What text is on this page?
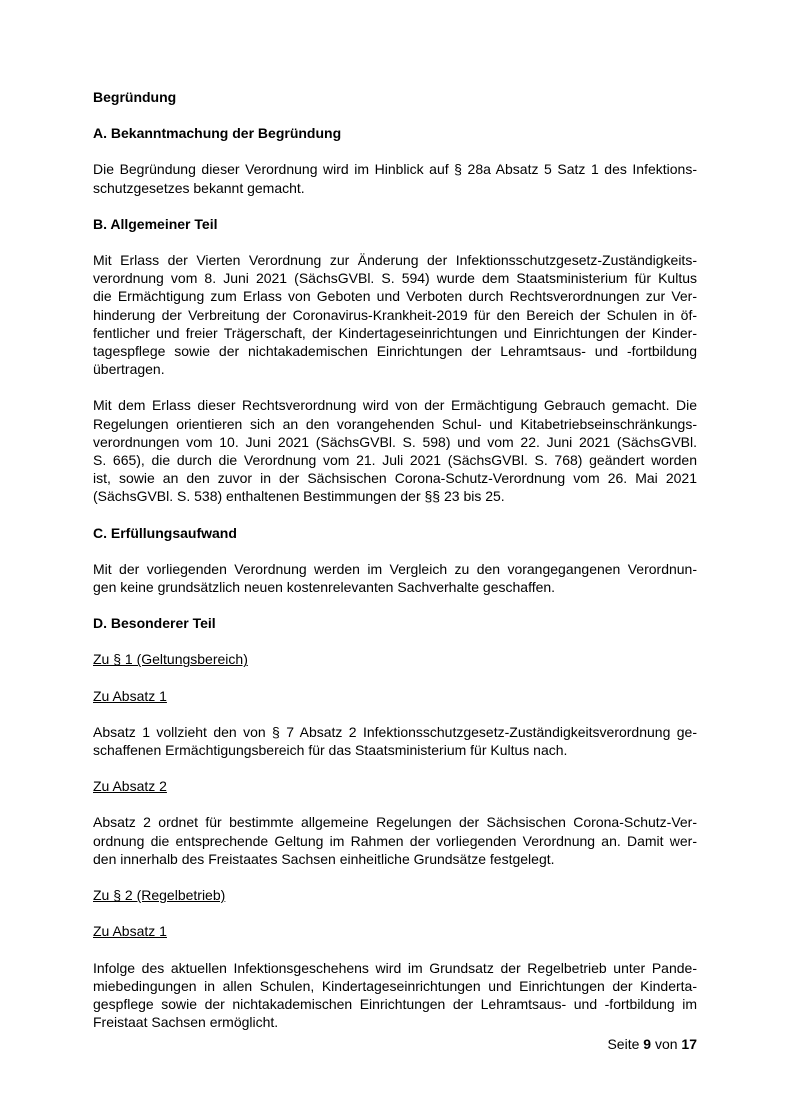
Begründung

A. Bekanntmachung der Begründung

Die Begründung dieser Verordnung wird im Hinblick auf § 28a Absatz 5 Satz 1 des Infektions-
schutzgesetzes bekannt gemacht.

B. Allgemeiner Teil

Mit Erlass der Vierten Verordnung zur Änderung der Infektionsschutzgesetz-Zuständigkeits-
verordnung vom 8. Juni 2021 (SächsGVBl. S. 594) wurde dem Staatsministerium für Kultus
die Ermächtigung zum Erlass von Geboten und Verboten durch Rechtsverordnungen zur Ver-
hinderung der Verbreitung der Coronavirus-Krankheit-2019 für den Bereich der Schulen in öf-
fentlicher und freier Trägerschaft, der Kindertageseinrichtungen und Einrichtungen der Kinder-
tagespflege sowie der nichtakademischen Einrichtungen der Lehramtsaus- und -fortbildung
übertragen.

Mit dem Erlass dieser Rechtsverordnung wird von der Ermächtigung Gebrauch gemacht. Die
Regelungen orientieren sich an den vorangehenden Schul- und Kitabetriebseinschränkungs-
verordnungen vom 10. Juni 2021 (SächsGVBl. S. 598) und vom 22. Juni 2021 (SächsGVBl.
S. 665), die durch die Verordnung vom 21. Juli 2021 (SächsGVBl. S. 768) geändert worden
ist, sowie an den zuvor in der Sächsischen Corona-Schutz-Verordnung vom 26. Mai 2021
(SächsGVBl. S. 538) enthaltenen Bestimmungen der §§ 23 bis 25.

C. Erfüllungsaufwand

Mit der vorliegenden Verordnung werden im Vergleich zu den vorangegangenen Verordnun-
gen keine grundsätzlich neuen kostenrelevanten Sachverhalte geschaffen.

D. Besonderer Teil

Zu § 1 (Geltungsbereich)

Zu Absatz 1

Absatz 1 vollzieht den von § 7 Absatz 2 Infektionsschutzgesetz-Zuständigkeitsverordnung ge-
schaffenen Ermächtigungsbereich für das Staatsministerium für Kultus nach.

Zu Absatz 2

Absatz 2 ordnet für bestimmte allgemeine Regelungen der Sächsischen Corona-Schutz-Ver-
ordnung die entsprechende Geltung im Rahmen der vorliegenden Verordnung an. Damit wer-
den innerhalb des Freistaates Sachsen einheitliche Grundsätze festgelegt.

Zu § 2 (Regelbetrieb)

Zu Absatz 1

Infolge des aktuellen Infektionsgeschehens wird im Grundsatz der Regelbetrieb unter Pande-
miebedingungen in allen Schulen, Kindertageseinrichtungen und Einrichtungen der Kinderta-
gespflege sowie der nichtakademischen Einrichtungen der Lehramtsaus- und -fortbildung im
Freistaat Sachsen ermöglicht.

Seite 9 von 17
